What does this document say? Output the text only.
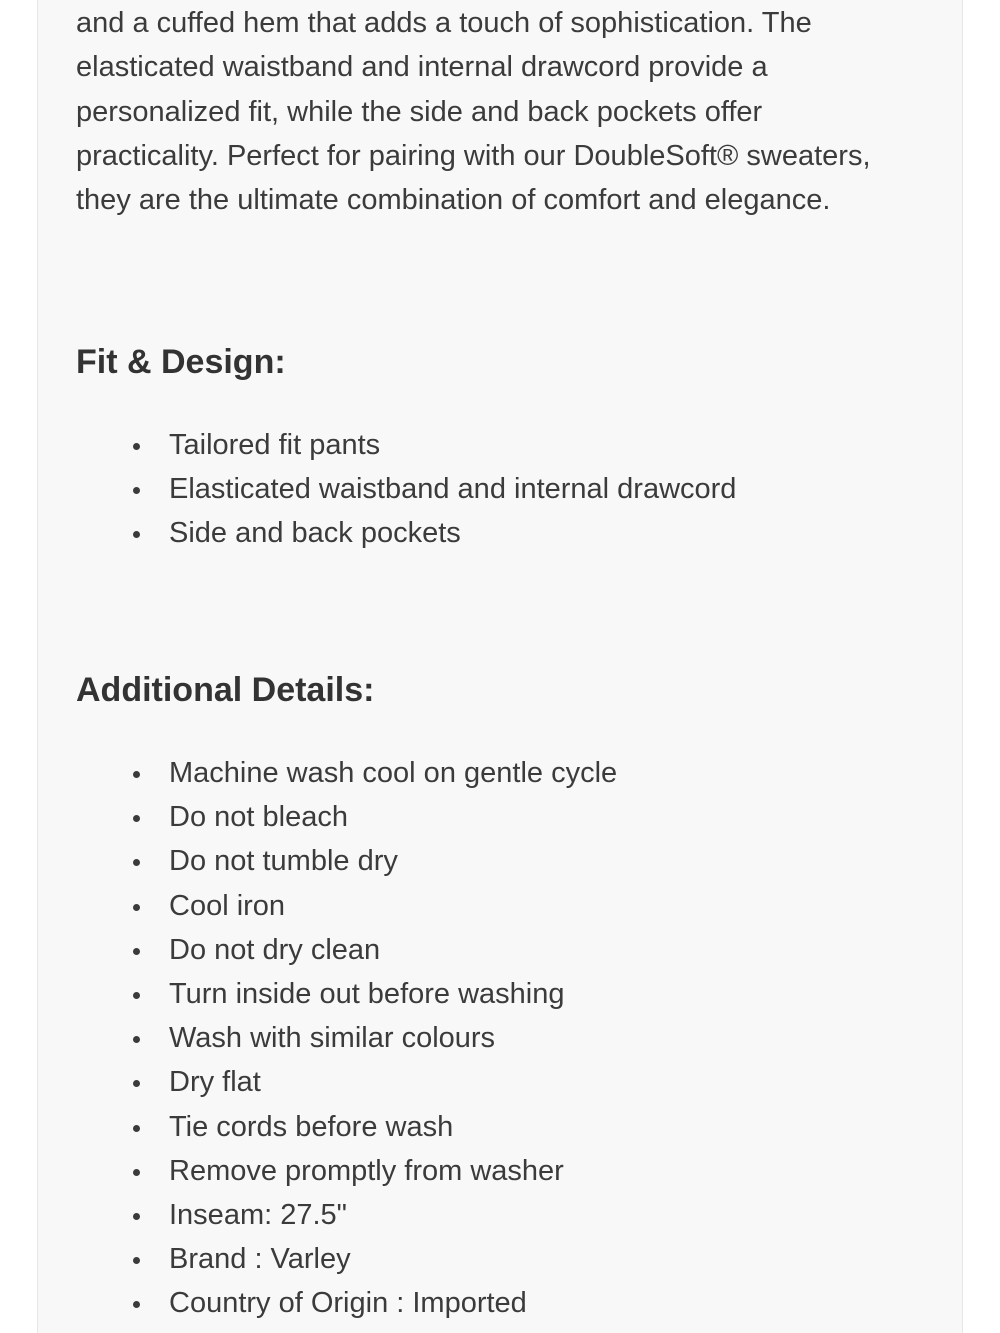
and a cuffed hem that adds a touch of sophistication. The
elasticated waistband and internal drawcord provide a
personalized fit, while the side and back pockets offer
practicality. Perfect for pairing with our DoubleSoft® sweaters,
they are the ultimate combination of comfort and elegance.

Fit & Design:
Tailored fit pants
Elasticated waistband and internal drawcord
Side and back pockets
Additional Details:
Machine wash cool on gentle cycle
Do not bleach
Do not tumble dry
Cool iron
Do not dry clean
Turn inside out before washing
Wash with similar colours
Dry flat
Tie cords before wash
Remove promptly from washer
Inseam: 27.5"
Brand : Varley
Country of Origin : Imported
